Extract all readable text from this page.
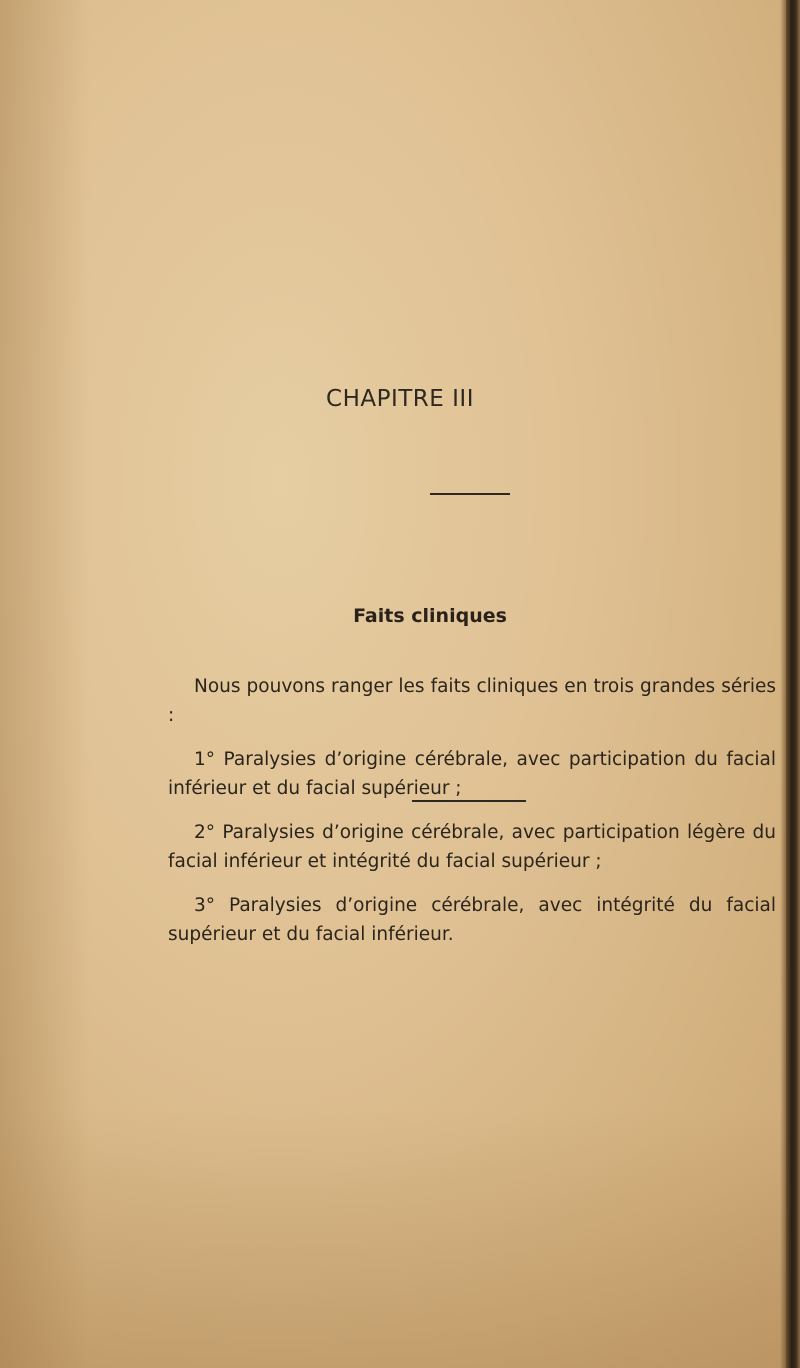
CHAPITRE III
Faits cliniques

Nous pouvons ranger les faits cliniques en trois grandes séries :

1° Paralysies d’origine cérébrale, avec participation du facial inférieur et du facial supérieur ;

2° Paralysies d’origine cérébrale, avec participation légère du facial inférieur et intégrité du facial supérieur ;

3° Paralysies d’origine cérébrale, avec intégrité du facial supérieur et du facial inférieur.
